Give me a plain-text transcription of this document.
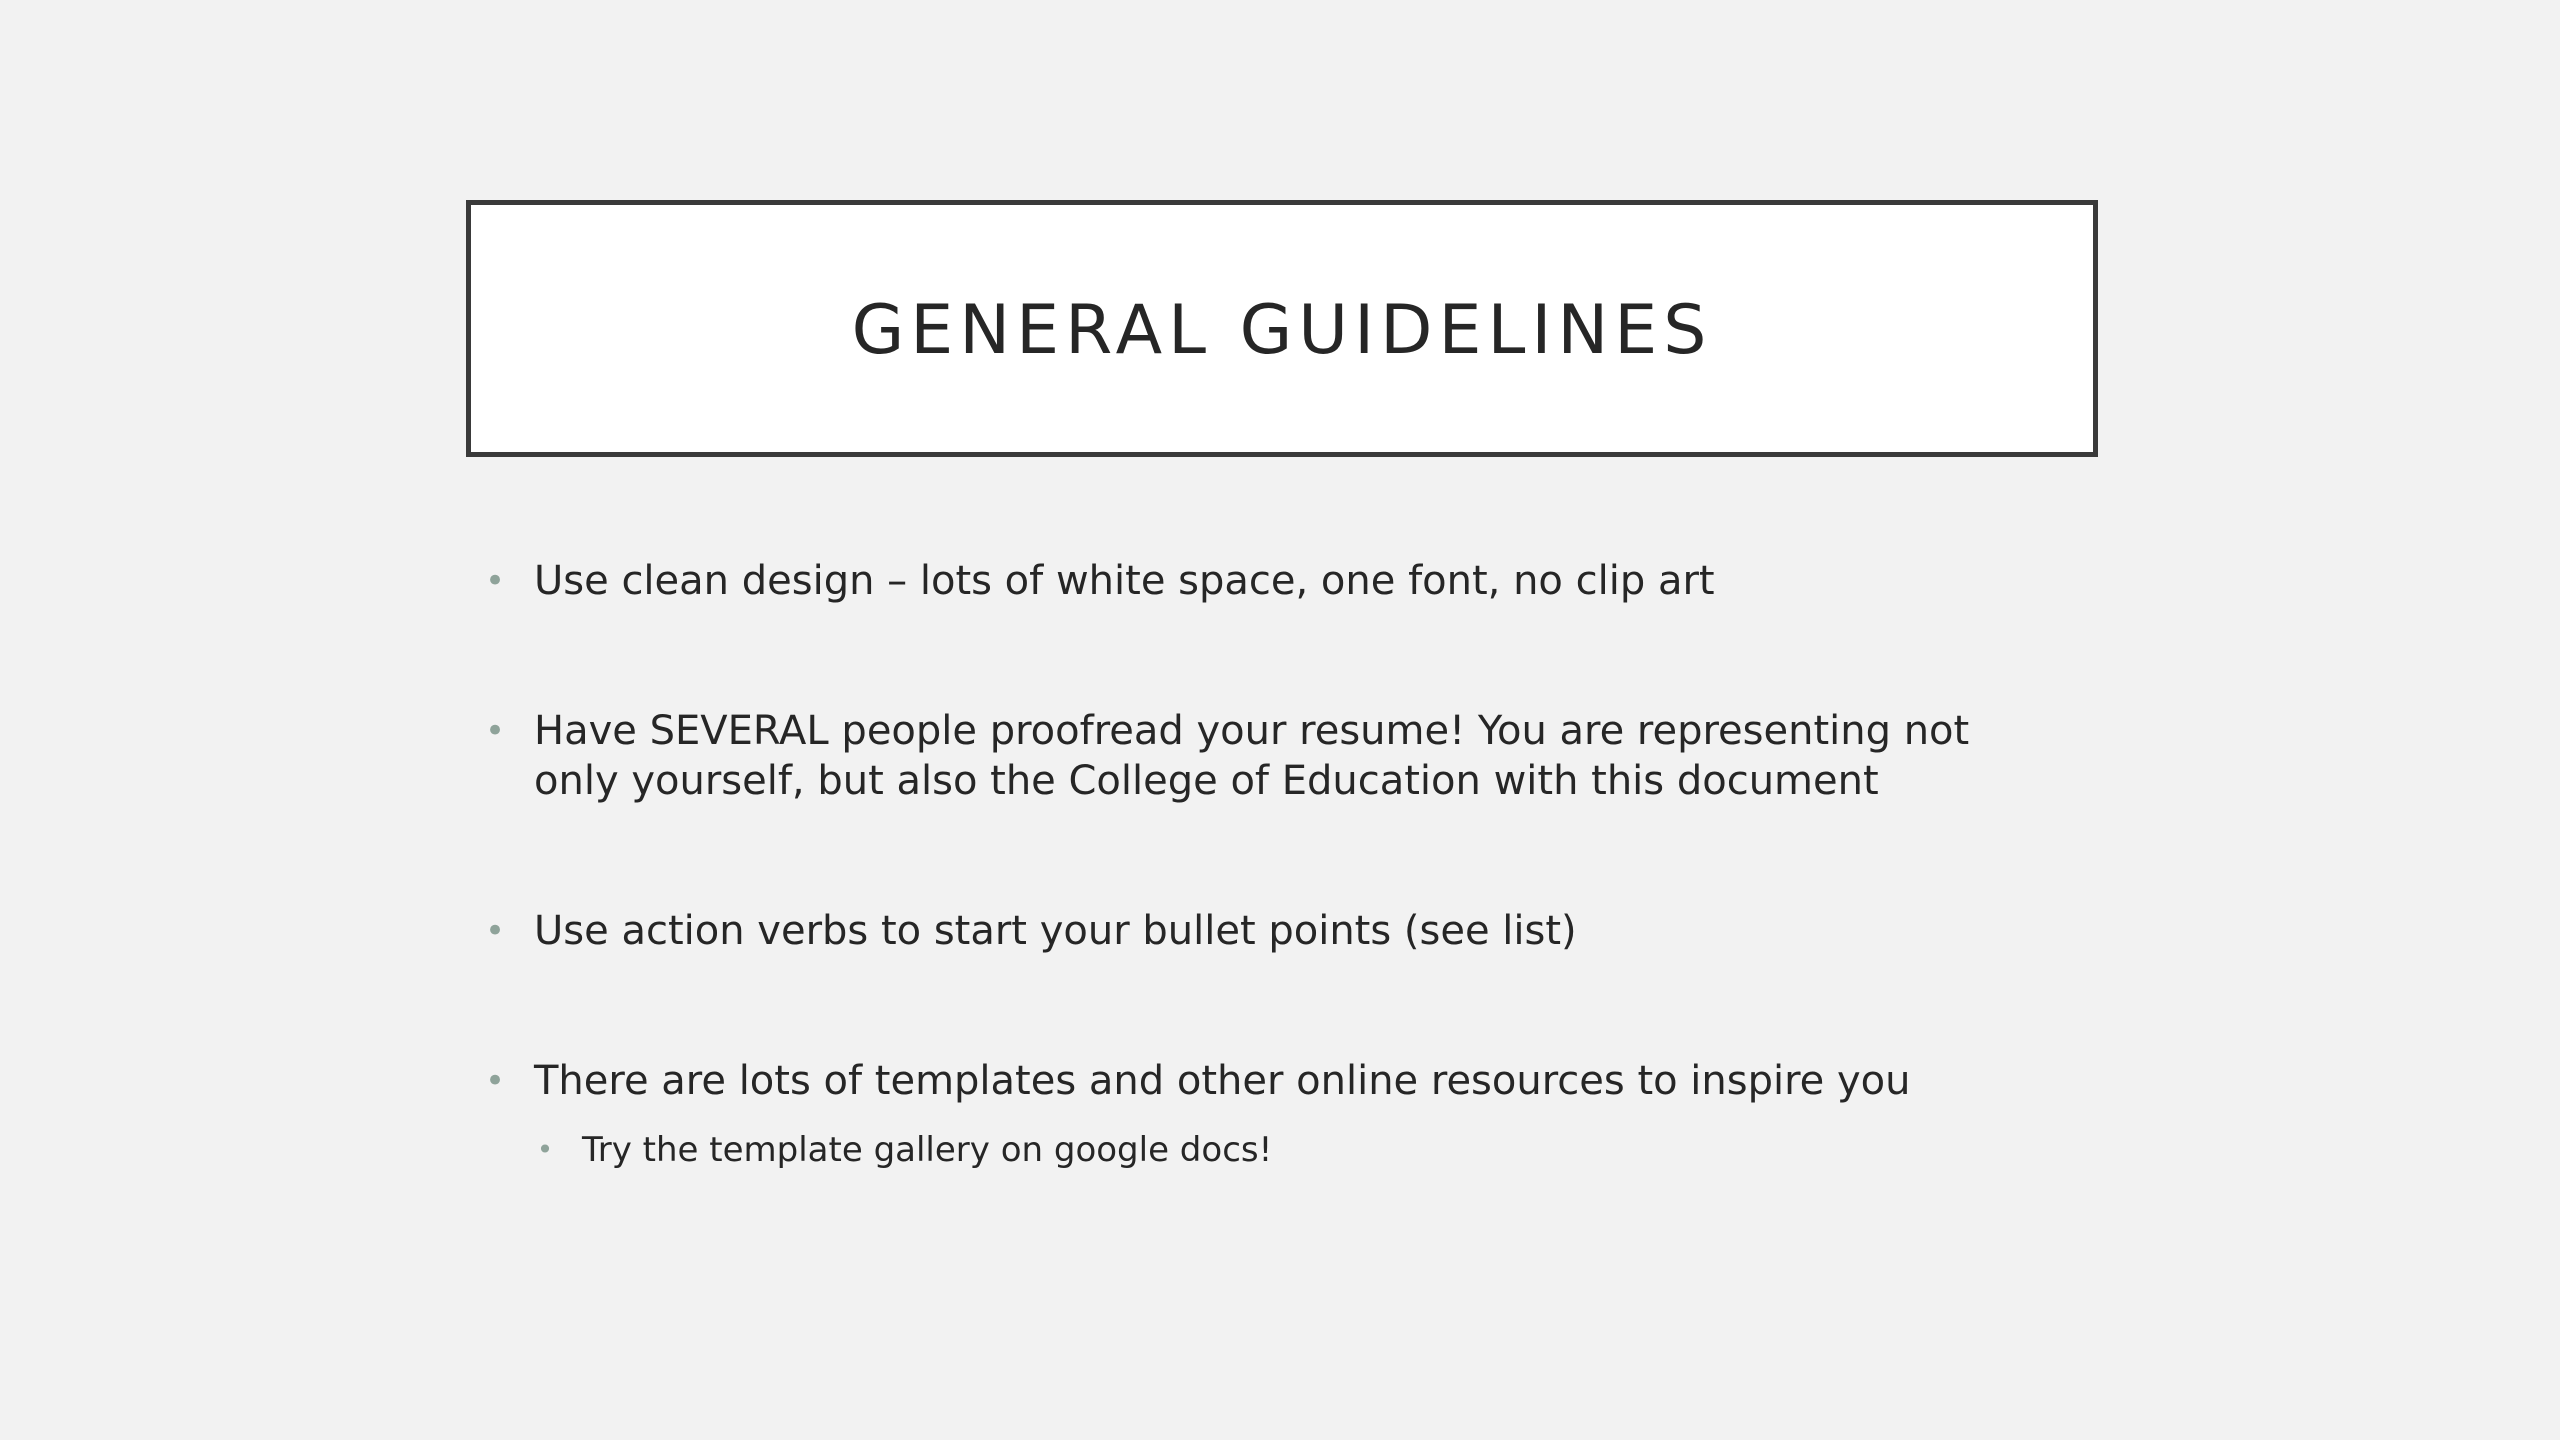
GENERAL GUIDELINES
• Use clean design – lots of white space, one font, no clip art
• Have SEVERAL people proofread your resume! You are representing not only yourself, but also the College of Education with this document
• Use action verbs to start your bullet points (see list)
• There are lots of templates and other online resources to inspire you
• Try the template gallery on google docs!
